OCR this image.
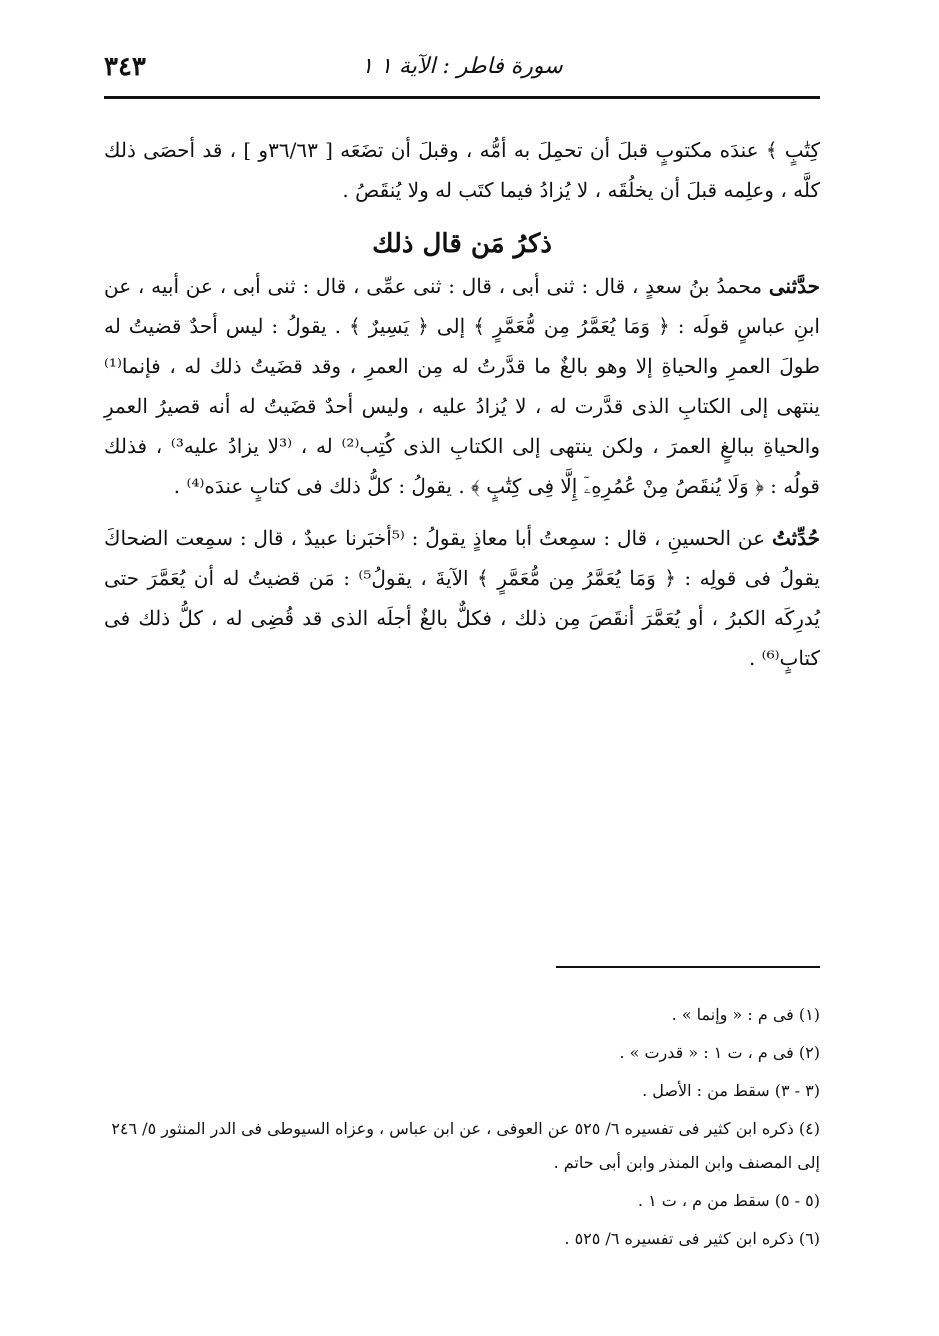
٣٤٣	سورة فاطر : الآية ١ ١

كِتَٰبٍ ﴾ عندَه مكتوبٍ قبلَ أن تحمِلَ به أمُّه ، وقبلَ أن تضَعَه [ ٣٦/٦٣و ] ، قد أحصَى ذلك كلَّه ، وعلِمه قبلَ أن يخلُقَه ، لا يُزادُ فيما كتَب له ولا يُنقَصُ .

ذكرُ مَن قال ذلك

حدَّثنى محمدُ بنُ سعدٍ ، قال : ثنى أبى ، قال : ثنى عمِّى ، قال : ثنى أبى ، عن أبيه ، عن ابنِ عباسٍ قولَه : ﴿ وَمَا يُعَمَّرُ مِن مُّعَمَّرٍ ﴾ إلى ﴿ يَسِيرٌ ﴾ . يقولُ : ليس أحدٌ قضيتُ له طولَ العمرِ والحياةِ إلا وهو بالغٌ ما قدَّرتُ له مِن العمرِ ، وقد قضَيتُ ذلك له ، فإنما⁽¹⁾ ينتهى إلى الكتابِ الذى قدَّرت له ، لا يُزادُ عليه ، وليس أحدٌ قضَيتُ له أنه قصيرُ العمرِ والحياةِ ببالغٍ العمرَ ، ولكن ينتهى إلى الكتابِ الذى كُتِب⁽²⁾ له ، ⁽³لا يزادُ عليه³⁾ ، فذلك قولُه : ﴿ وَلَا يُنقَصُ مِنْ عُمُرِهِۦٓ إِلَّا فِى كِتَٰبٍ ﴾ . يقولُ : كلُّ ذلك فى كتابٍ عندَه⁽⁴⁾ .

حُدِّثتُ عن الحسينِ ، قال : سمِعتُ أبا معاذٍ يقولُ : ⁽⁵أخبَرنا عبيدٌ ، قال : سمِعت الضحاكَ يقولُ فى قولِه : ﴿ وَمَا يُعَمَّرُ مِن مُّعَمَّرٍ ﴾ الآيةَ ، يقولُ⁵⁾ : مَن قضيتُ له أن يُعَمَّرَ حتى يُدرِكَه الكبرُ ، أو يُعَمَّرَ أنقَصَ مِن ذلك ، فكلٌّ بالغٌ أجلَه الذى قد قُضِى له ، كلُّ ذلك فى كتابٍ⁽⁶⁾ .

(١) فى م : « وإنما » .

(٢) فى م ، ت ١ : « قدرت » .

(٣ - ٣) سقط من : الأصل .

(٤) ذكره ابن كثير فى تفسيره ٦/ ٥٢٥ عن العوفى ، عن ابن عباس ، وعزاه السيوطى فى الدر المنثور ٥/ ٢٤٦ إلى المصنف وابن المنذر وابن أبى حاتم .

(٥ - ٥) سقط من م ، ت ١ .

(٦) ذكره ابن كثير فى تفسيره ٦/ ٥٢٥ .
